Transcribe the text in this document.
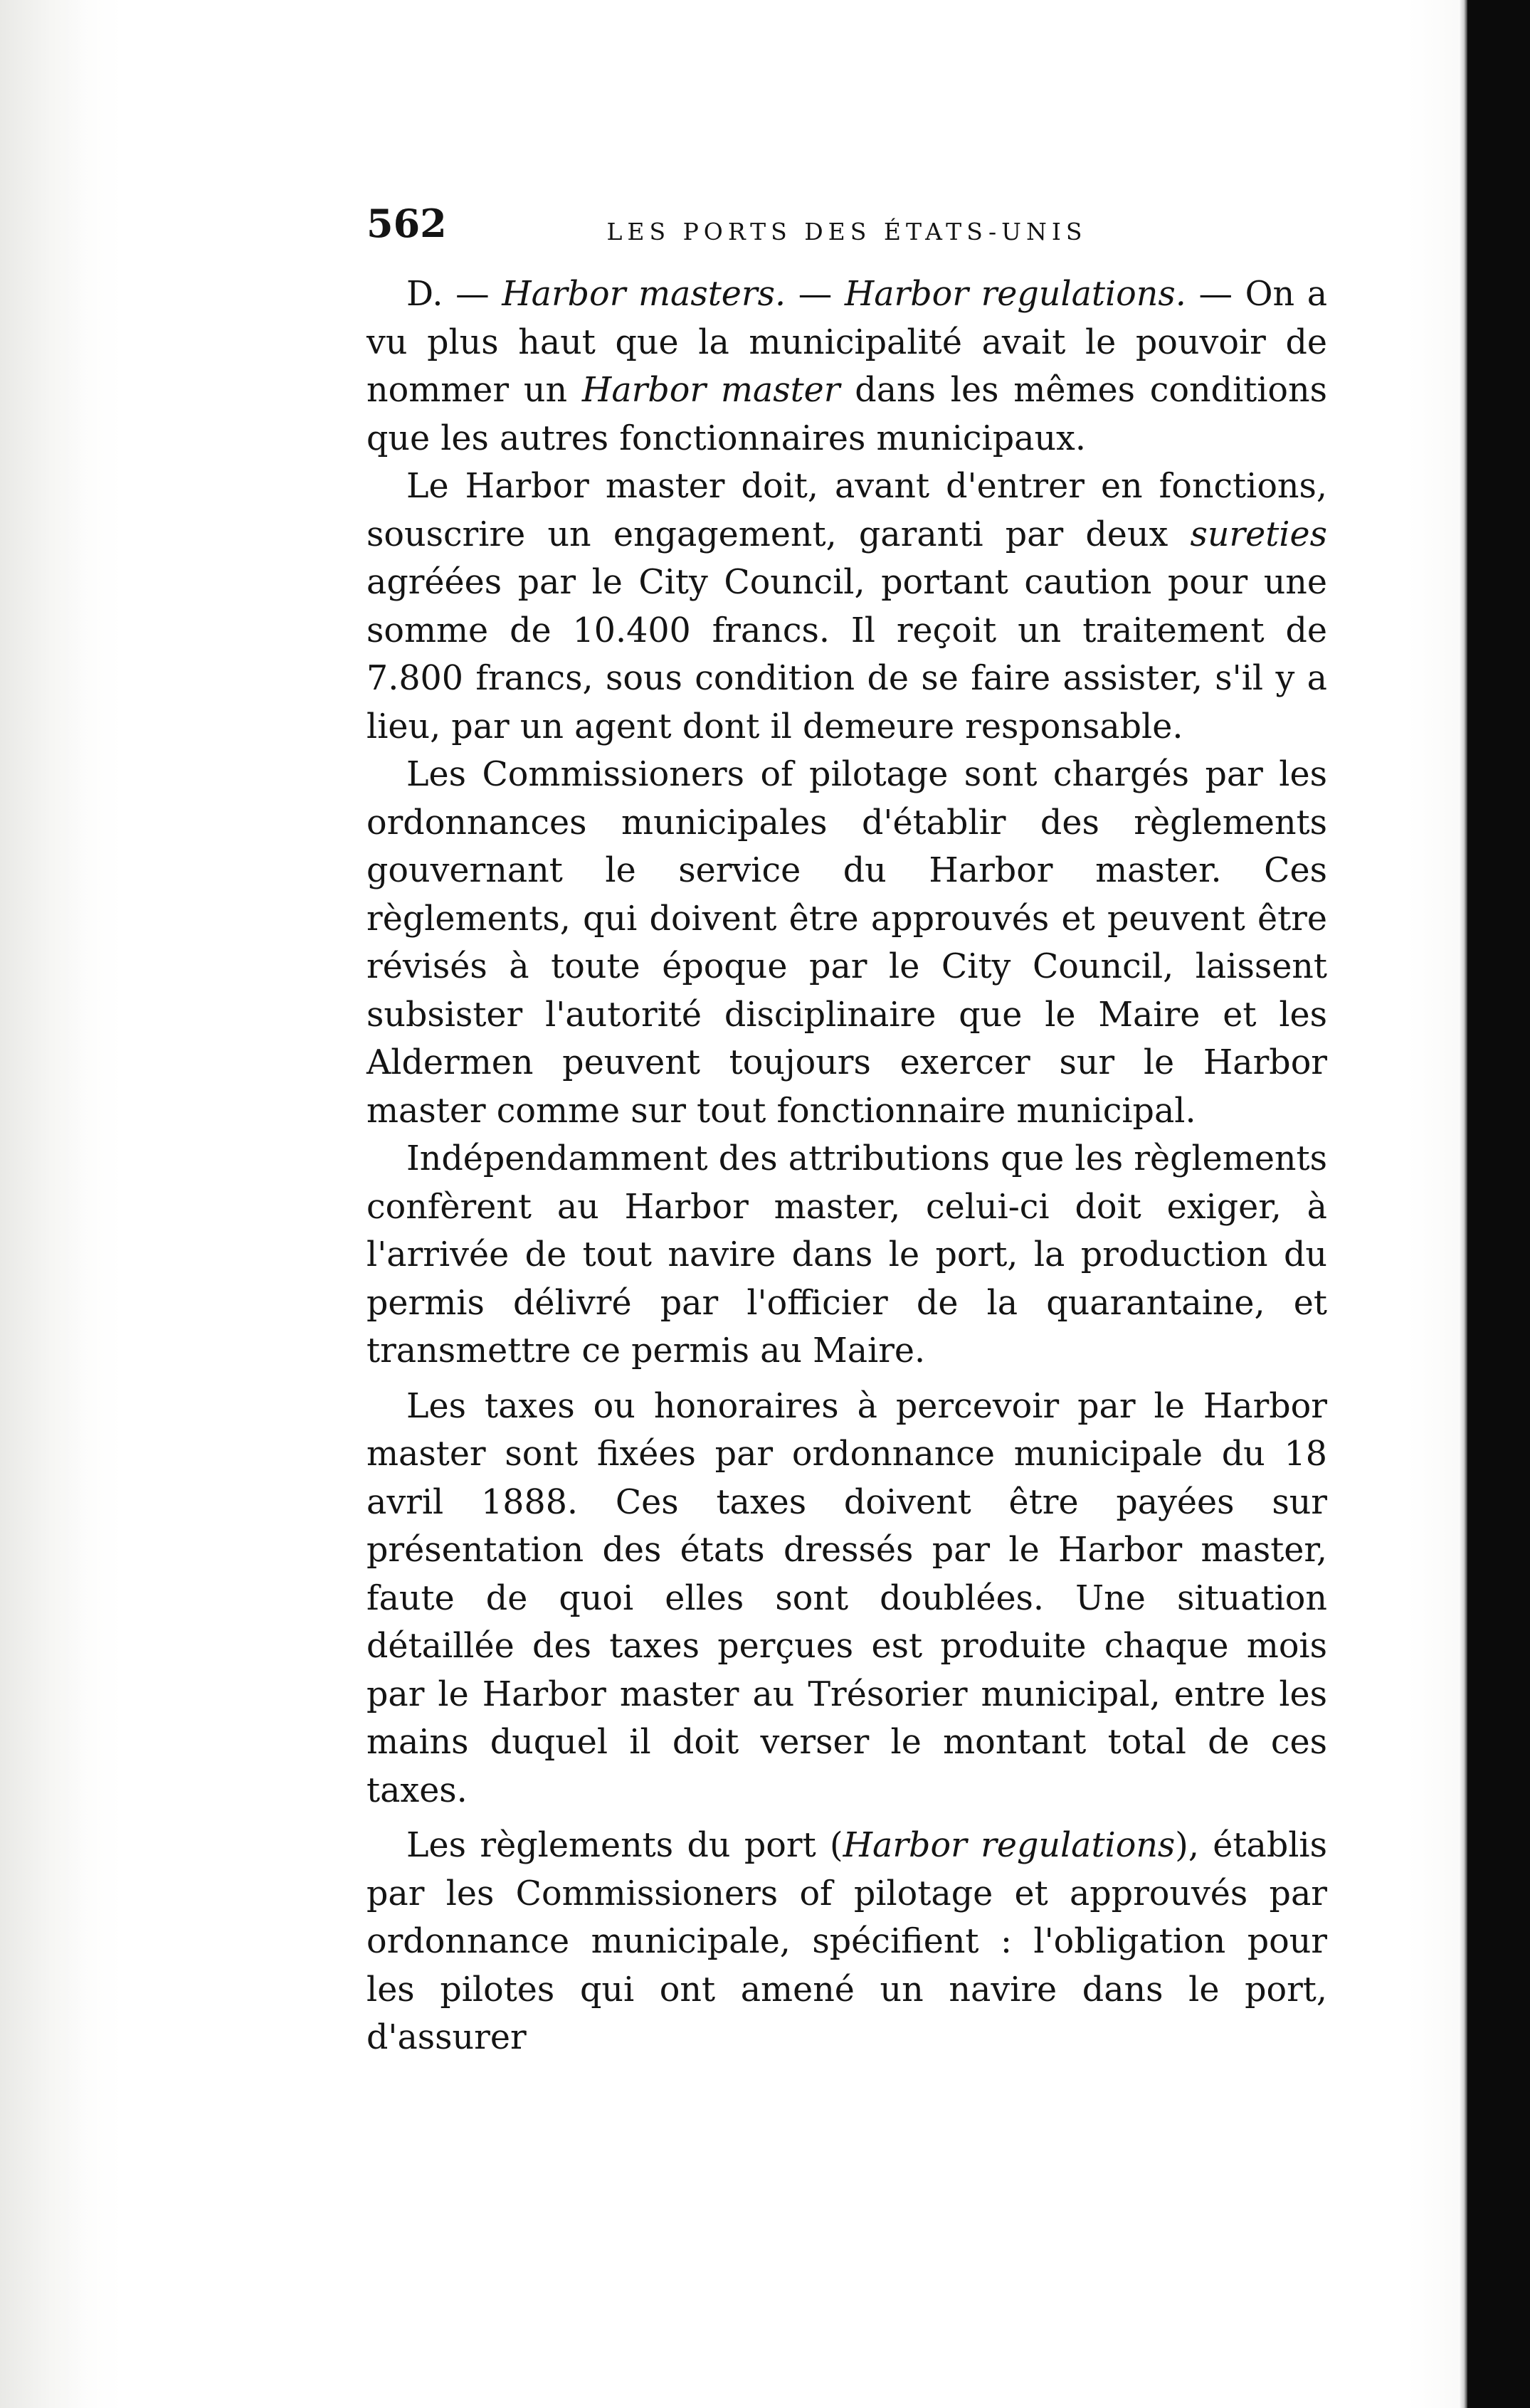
562	LES PORTS DES ÉTATS-UNIS

D. — Harbor masters. — Harbor regulations. — On a vu plus haut que la municipalité avait le pouvoir de nommer un Harbor master dans les mêmes conditions que les autres fonctionnaires municipaux.

Le Harbor master doit, avant d'entrer en fonctions, souscrire un engagement, garanti par deux sureties agréées par le City Council, portant caution pour une somme de 10.400 francs. Il reçoit un traitement de 7.800 francs, sous condition de se faire assister, s'il y a lieu, par un agent dont il demeure responsable.

Les Commissioners of pilotage sont chargés par les ordonnances municipales d'établir des règlements gouvernant le service du Harbor master. Ces règlements, qui doivent être approuvés et peuvent être révisés à toute époque par le City Council, laissent subsister l'autorité disciplinaire que le Maire et les Aldermen peuvent toujours exercer sur le Harbor master comme sur tout fonctionnaire municipal.

Indépendamment des attributions que les règlements confèrent au Harbor master, celui-ci doit exiger, à l'arrivée de tout navire dans le port, la production du permis délivré par l'officier de la quarantaine, et transmettre ce permis au Maire.

Les taxes ou honoraires à percevoir par le Harbor master sont fixées par ordonnance municipale du 18 avril 1888. Ces taxes doivent être payées sur présentation des états dressés par le Harbor master, faute de quoi elles sont doublées. Une situation détaillée des taxes perçues est produite chaque mois par le Harbor master au Trésorier municipal, entre les mains duquel il doit verser le montant total de ces taxes.

Les règlements du port (Harbor regulations), établis par les Commissioners of pilotage et approuvés par ordonnance municipale, spécifient : l'obligation pour les pilotes qui ont amené un navire dans le port, d'assurer
